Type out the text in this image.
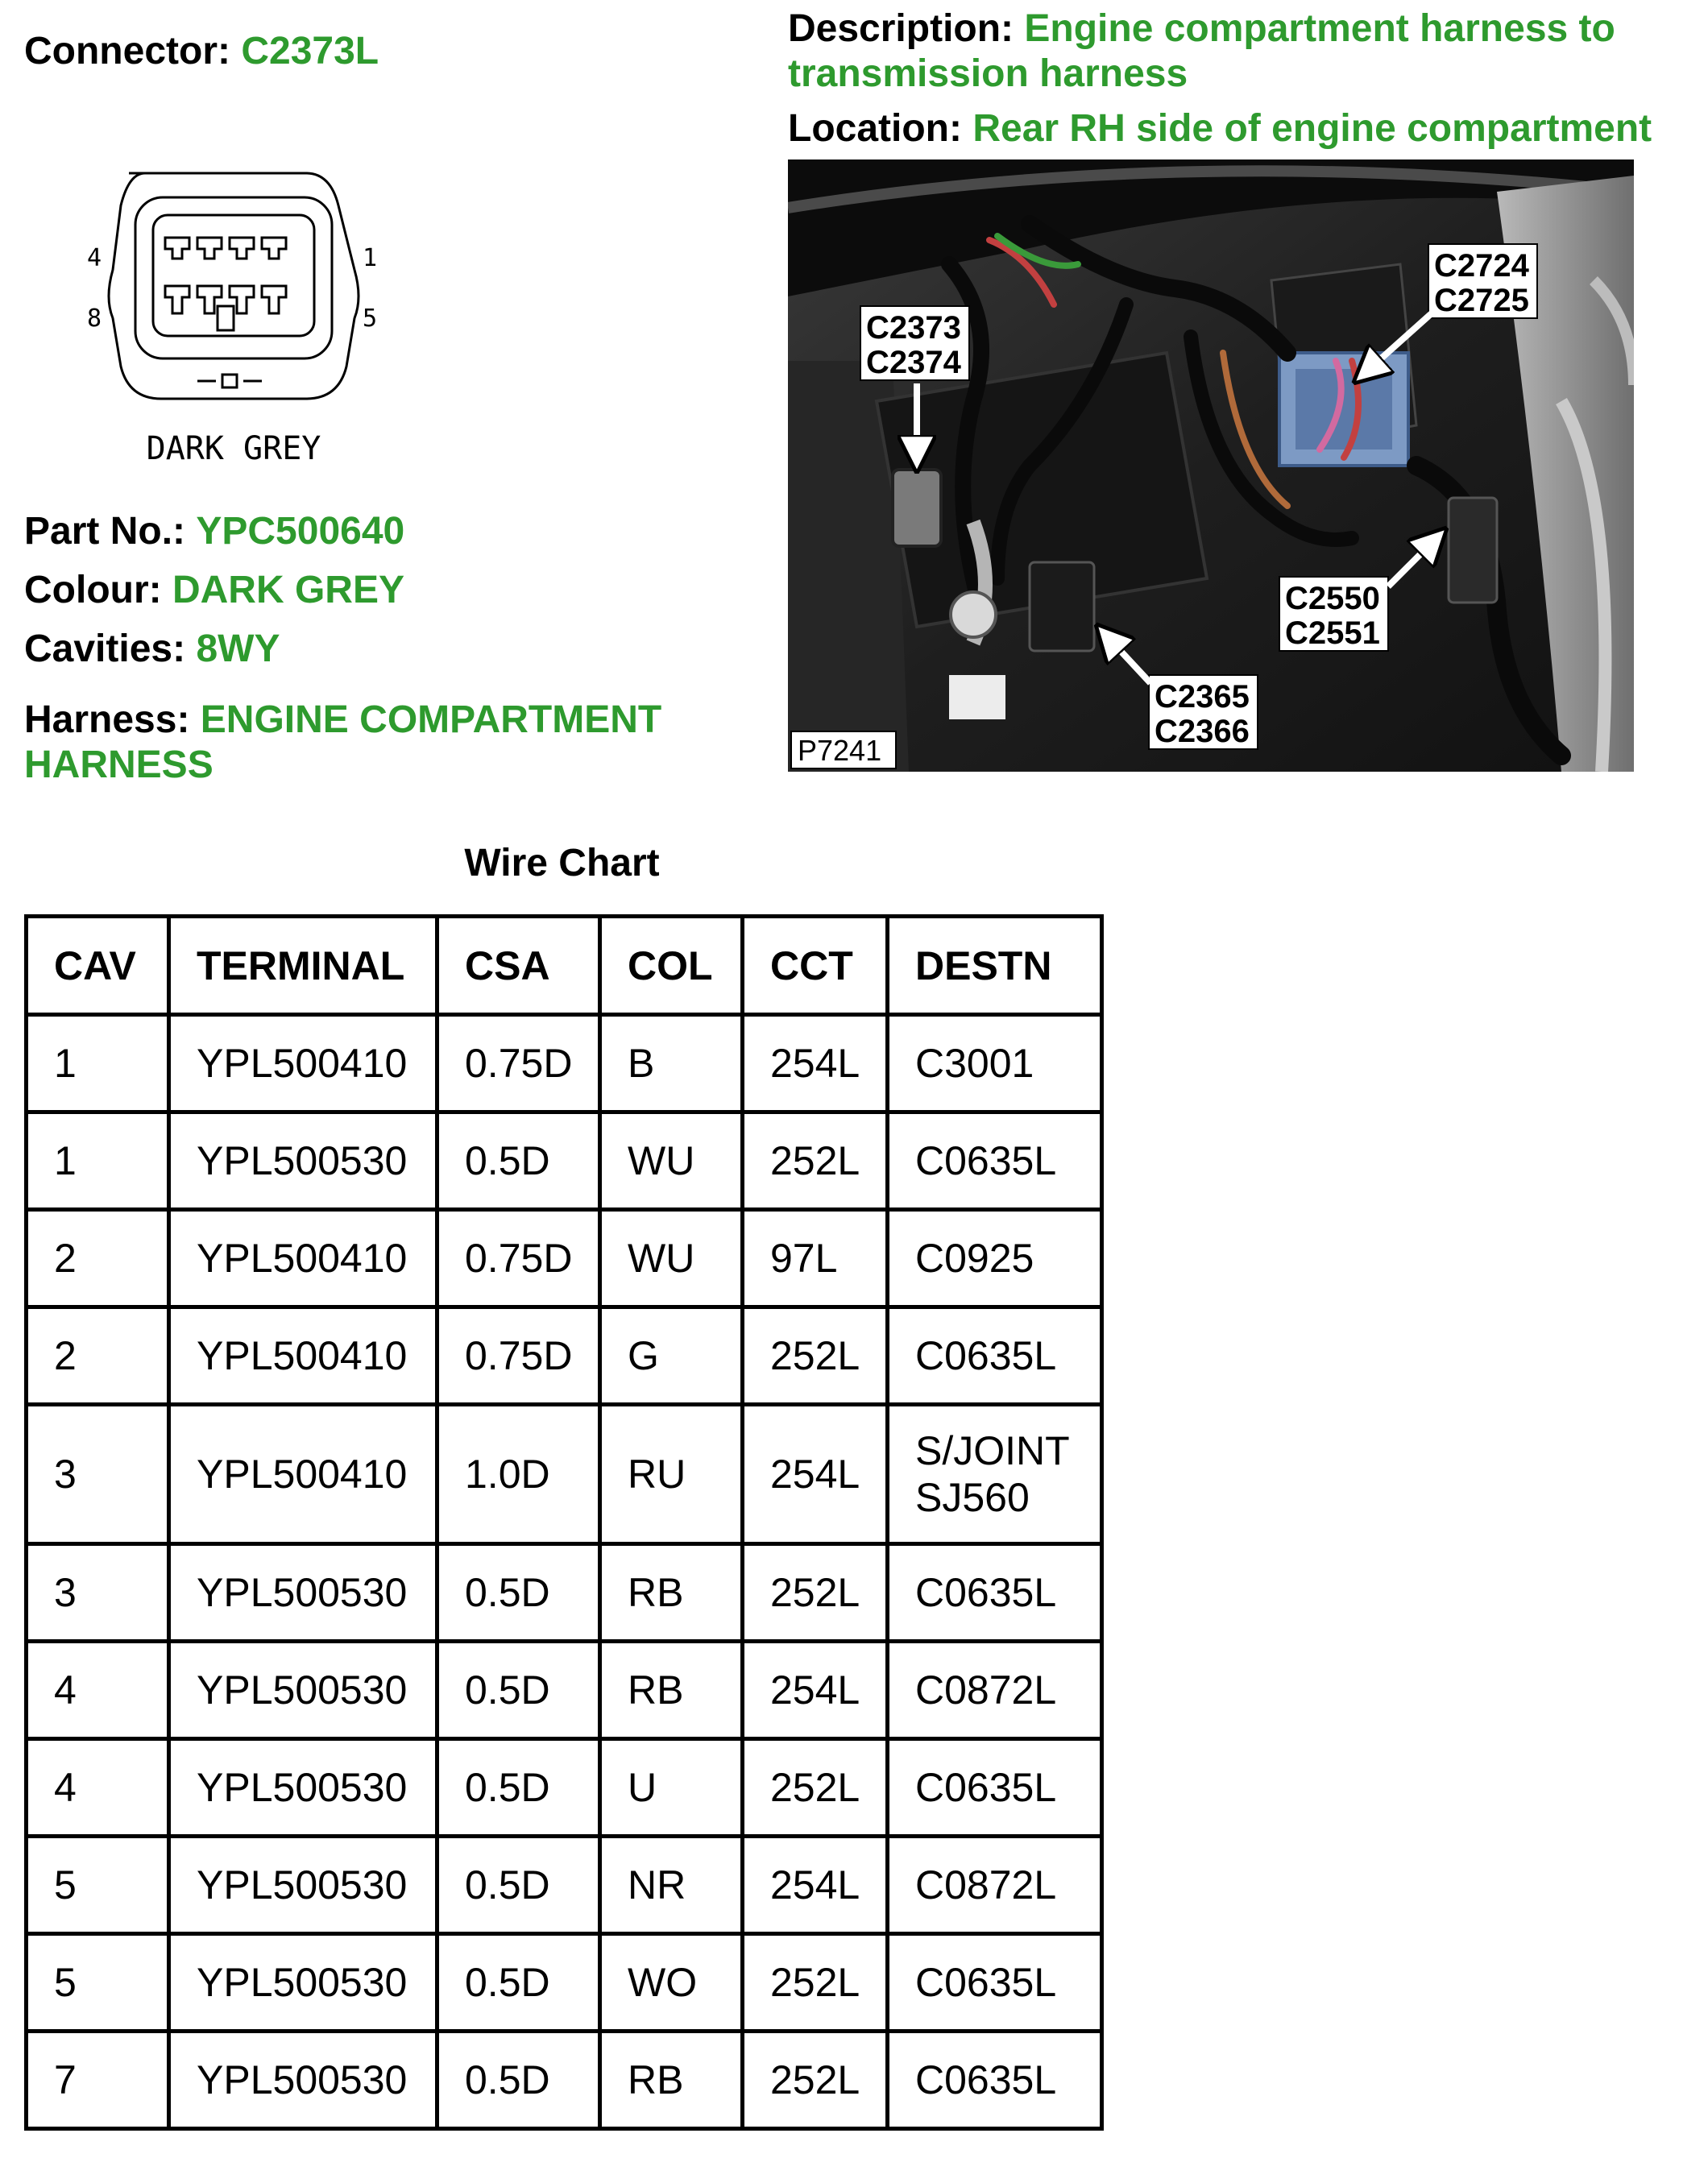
Connector: C2373L
Description: Engine compartment harness to
transmission harness
Location: Rear RH side of engine compartment
4
8
1
5
DARK GREY
Part No.: YPC500640
Colour: DARK GREY
Cavities: 8WY
Harness: ENGINE COMPARTMENT
HARNESS
C2373
C2374
C2724
C2725
C2550
C2551
C2365
C2366
P7241
Wire Chart
CAV	TERMINAL	CSA	COL	CCT	DESTN
1	YPL500410	0.75D	B	254L	C3001
1	YPL500530	0.5D	WU	252L	C0635L
2	YPL500410	0.75D	WU	97L	C0925
2	YPL500410	0.75D	G	252L	C0635L
3	YPL500410	1.0D	RU	254L	S/JOINT SJ560
3	YPL500530	0.5D	RB	252L	C0635L
4	YPL500530	0.5D	RB	254L	C0872L
4	YPL500530	0.5D	U	252L	C0635L
5	YPL500530	0.5D	NR	254L	C0872L
5	YPL500530	0.5D	WO	252L	C0635L
7	YPL500530	0.5D	RB	252L	C0635L
